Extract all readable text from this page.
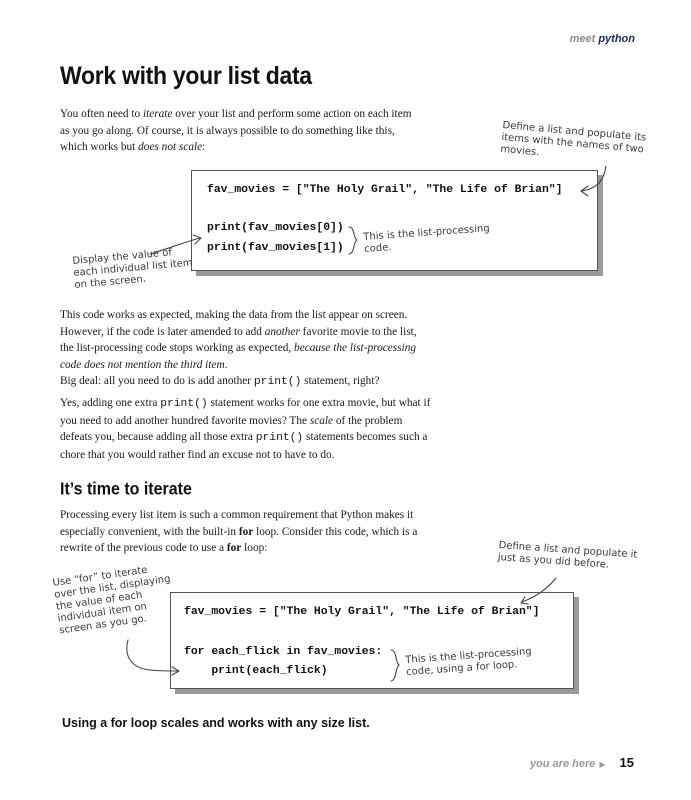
meet python
Work with your list data

You often need to iterate over your list and perform some action on each item as you go along. Of course, it is always possible to do something like this, which works but does not scale:

fav_movies = ["The Holy Grail", "The Life of Brian"]
print(fav_movies[0])
print(fav_movies[1])

Define a list and populate its
items with the names of two
movies.

Display the value of
each individual list item
on the screen.

This is the list-processing
code.

This code works as expected, making the data from the list appear on screen. However, if the code is later amended to add another favorite movie to the list, the list-processing code stops working as expected, because the list-processing code does not mention the third item.

Big deal: all you need to do is add another print() statement, right?

Yes, adding one extra print() statement works for one extra movie, but what if you need to add another hundred favorite movies? The scale of the problem defeats you, because adding all those extra print() statements becomes such a chore that you would rather find an excuse not to have to do.

It’s time to iterate

Processing every list item is such a common requirement that Python makes it especially convenient, with the built-in for loop. Consider this code, which is a rewrite of the previous code to use a for loop:

fav_movies = ["The Holy Grail", "The Life of Brian"]
for each_flick in fav_movies:
print(each_flick)

Define a list and populate it
just as you did before.

Use “for” to iterate
over the list, displaying
the value of each
individual item on
screen as you go.

This is the list-processing
code, using a for loop.

Using a for loop scales and works with any size list.

you are here ▶ 15
